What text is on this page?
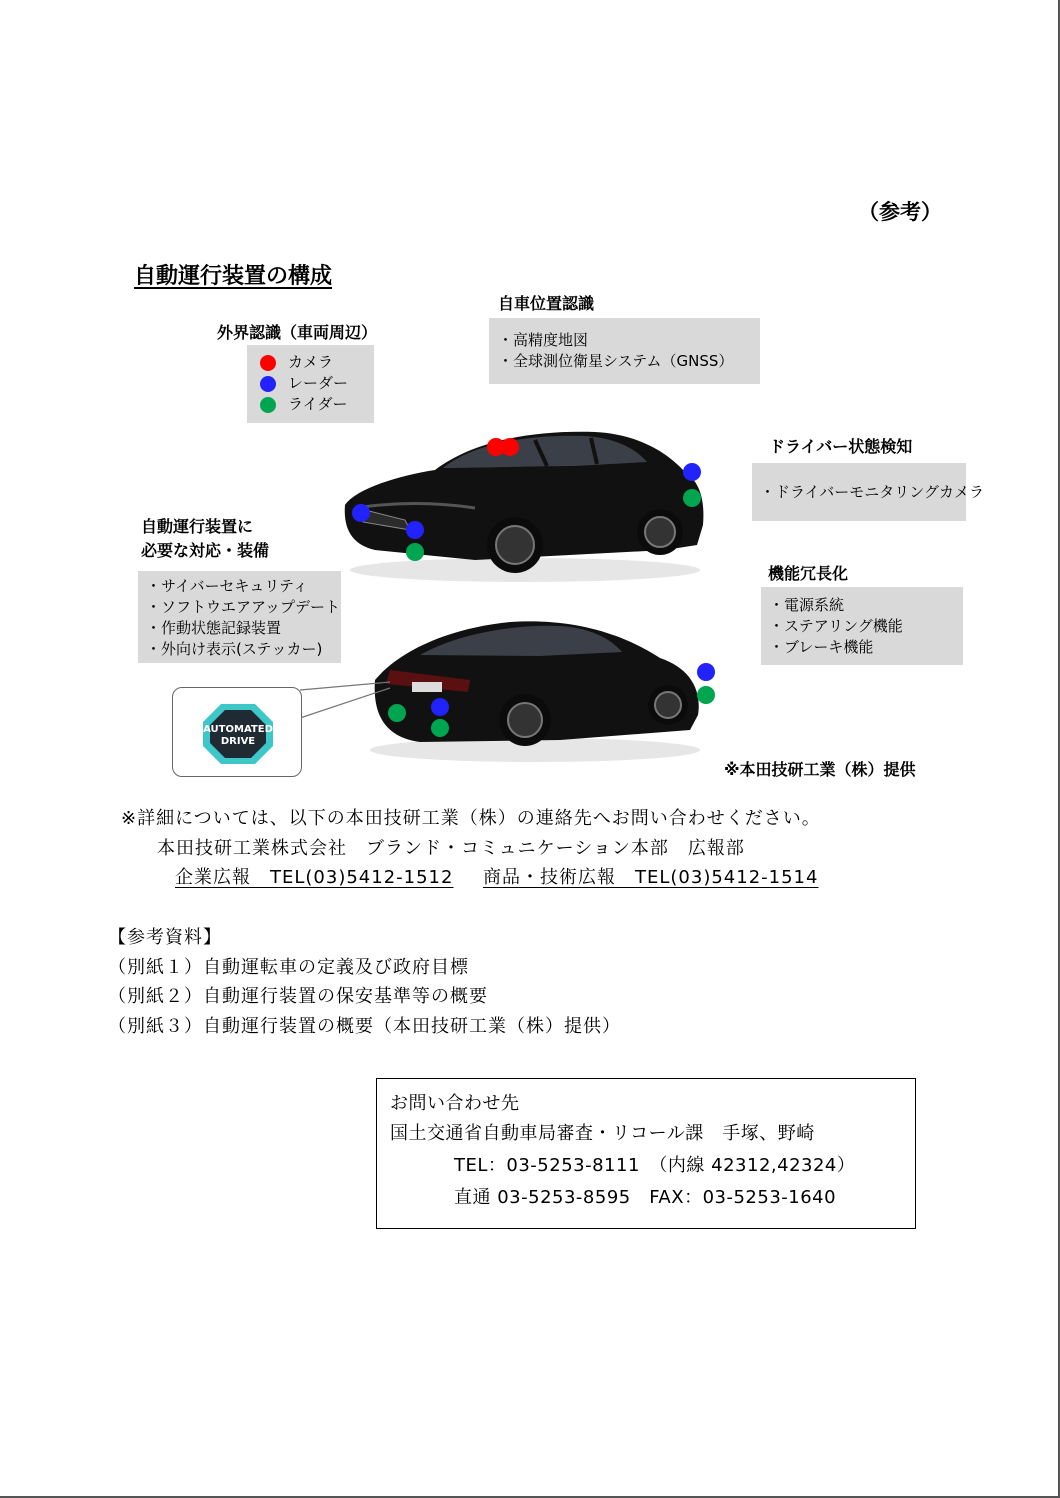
（参考）
自動運行装置の構成
外界認識（車両周辺）
カメラ
レーダー
ライダー
自車位置認識
・高精度地図
・全球測位衛星システム（GNSS）
ドライバー状態検知
・ドライバーモニタリングカメラ
自動運行装置に
必要な対応・装備
・サイバーセキュリティ
・ソフトウエアアップデート
・作動状態記録装置
・外向け表示(ステッカー)
機能冗長化
・電源系統
・ステアリング機能
・ブレーキ機能
AUTOMATED
DRIVE
※本田技研工業（株）提供
※詳細については、以下の本田技研工業（株）の連絡先へお問い合わせください。
本田技研工業株式会社　ブランド・コミュニケーション本部　広報部
企業広報　TEL(03)5412-1512 商品・技術広報　TEL(03)5412-1514
【参考資料】
（別紙１）自動運転車の定義及び政府目標
（別紙２）自動運行装置の保安基準等の概要
（別紙３）自動運行装置の概要（本田技研工業（株）提供）
お問い合わせ先
国土交通省自動車局審査・リコール課　手塚、野崎
TEL：03-5253-8111　（内線 42312,42324）
直通 03-5253-8595　FAX：03-5253-1640
